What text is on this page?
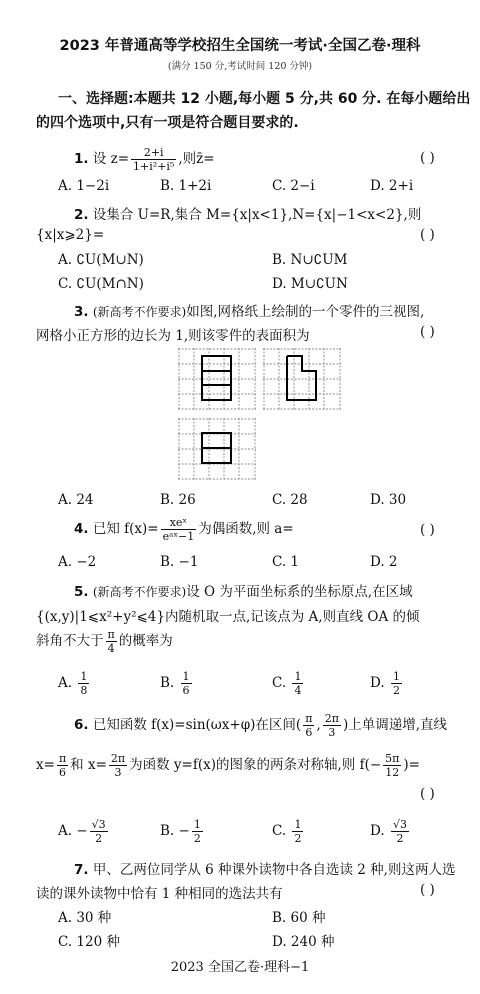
2023 年普通高等学校招生全国统一考试·全国乙卷·理科
(满分 150 分,考试时间 120 分钟)
一、选择题:本题共 12 小题,每小题 5 分,共 60 分. 在每小题给出
的四个选项中,只有一项是符合题目要求的.
1. 设 $z= \frac{2+i}{\text{1+i²+i⁵}}$ ,则z̄=	( )
A. 1−2i	B. 1+2i	C. 2−i	D. 2+i
2. 设集合 U=R,集合 M={x|x<1},N={x|−1<x<2},则
{x|x⩾2}=	( )
A. ∁U(M∪N)	B. N∪∁UM
C. ∁U(M∩N)	D. M∪∁UN
3. (新高考不作要求)如图,网格纸上绘制的一个零件的三视图,
网格小正方形的边长为 1,则该零件的表面积为	( )
A. 24	B. 26	C. 28	D. 30
4. 已知 $f(x)= \frac{\text{xeˣ}}{\text{eᵃˣ−1}}$ 为偶函数,则 a=	( )
A. −2	B. −1	C. 1	D. 2
5. (新高考不作要求)设 O 为平面坐标系的坐标原点,在区域
{(x,y)|1⩽x²+y²⩽4}内随机取一点,记该点为 A,则直线 OA 的倾
斜角不大于 $\frac{\pi}{4}$ 的概率为
A. $\frac{1}{8}$	B. $\frac{1}{6}$	C. $\frac{1}{4}$	D. $\frac{1}{2}$
6. 已知函数 f(x)=sin(ωx+φ)在区间( $\frac{\pi}{6}$ , $\frac{2\pi}{3}$ )上单调递增,直线
$x= \frac{\pi}{6}$ 和 $x= \frac{2\pi}{3}$ 为函数 y=f(x)的图象的两条对称轴,则 $f(- \frac{5\pi}{12}$ )=
( )
A. − $\frac{√3}{2}$	B. − $\frac{1}{2}$	C. $\frac{1}{2}$	D. $\frac{√3}{2}$
7. 甲、乙两位同学从 6 种课外读物中各自选读 2 种,则这两人选
读的课外读物中恰有 1 种相同的选法共有	( )
A. 30 种	B. 60 种
C. 120 种	D. 240 种
2023 全国乙卷·理科−1
